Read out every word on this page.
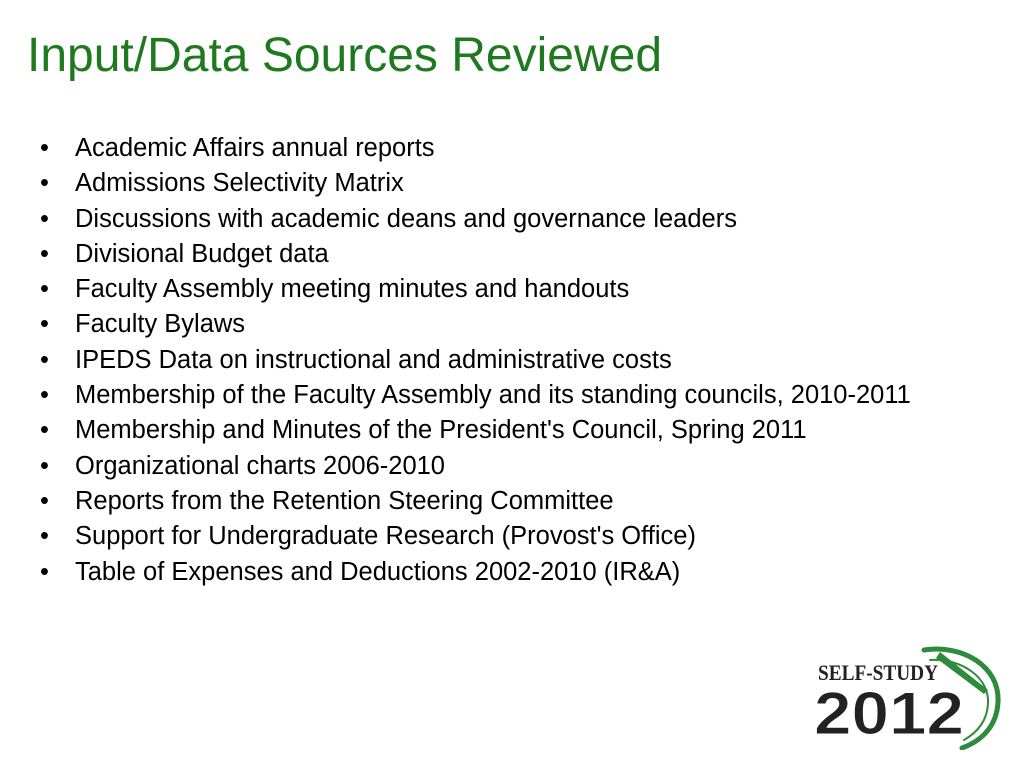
Input/Data Sources Reviewed
•	Academic Affairs annual reports
•	Admissions Selectivity Matrix
•	Discussions with academic deans and governance leaders
•	Divisional Budget data
•	Faculty Assembly meeting minutes and handouts
•	Faculty Bylaws
•	IPEDS Data on instructional and administrative costs
•	Membership of the Faculty Assembly and its standing councils, 2010-2011
•	Membership and Minutes of the President's Council, Spring 2011
•	Organizational charts 2006-2010
•	Reports from the Retention Steering Committee
•	Support for Undergraduate Research (Provost's Office)
•	Table of Expenses and Deductions 2002-2010 (IR&A)
SELF-STUDY
2012
